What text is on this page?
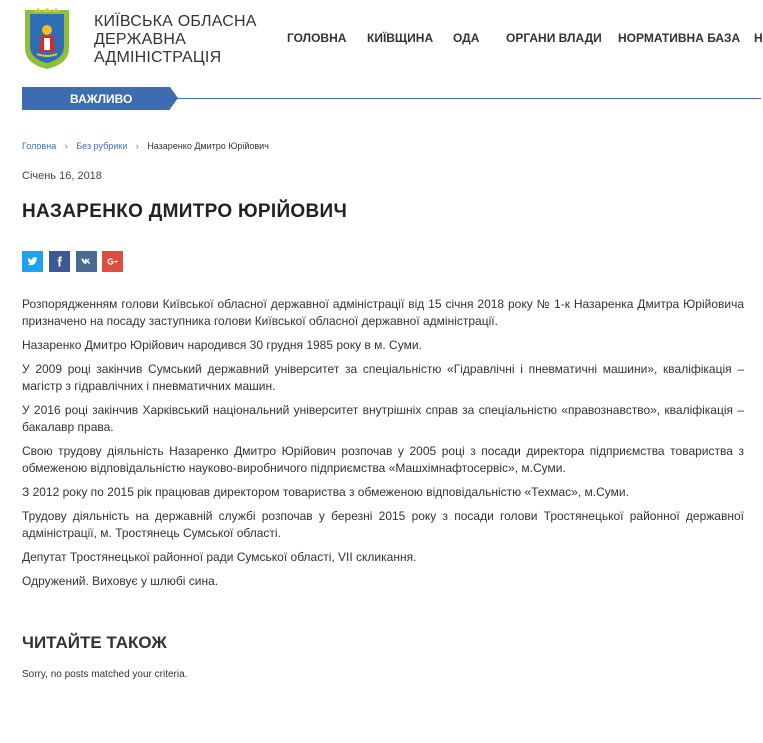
КИЇВСЬКА ОБЛАСНА
ДЕРЖАВНА
АДМІНІСТРАЦІЯ
ГОЛОВНА КИЇВЩИНА ОДА ОРГАНИ ВЛАДИ НОРМАТИВНА БАЗА Н
ВАЖЛИВО
Головна › Без рубрики › Назаренко Дмитро Юрійович
Січень 16, 2018
НАЗАРЕНКО ДМИТРО ЮРІЙОВИЧ

Розпорядженням голови Київської обласної державної адміністрації від 15 січня 2018 року № 1-к Назаренка Дмитра Юрійовича призначено на посаду заступника голови Київської обласної державної адміністрації.

Назаренко Дмитро Юрійович народився 30 грудня 1985 року в м. Суми.

У 2009 році закінчив Сумський державний університет за спеціальністю «Гідравлічні і пневматичні машини», кваліфікація – магістр з гідравлічних і пневматичних машин.

У 2016 році закінчив Харківський національний університет внутрішніх справ за спеціальністю «правознавство», кваліфікація – бакалавр права.

Свою трудову діяльність Назаренко Дмитро Юрійович розпочав у 2005 році з посади директора підприємства товариства з обмеженою відповідальністю науково-виробничого підприємства «Машхімнафтосервіс», м.Суми.

З 2012 року по 2015 рік працював директором товариства з обмеженою відповідальністю «Техмас», м.Суми.

Трудову діяльність на державній службі розпочав у березні 2015 року з посади голови Тростянецької районної державної адміністрації, м. Тростянець Сумської області.

Депутат Тростянецької районної ради Сумської області, VII скликання.

Одружений. Виховує у шлюбі сина.

ЧИТАЙТЕ ТАКОЖ
Sorry, no posts matched your criteria.
